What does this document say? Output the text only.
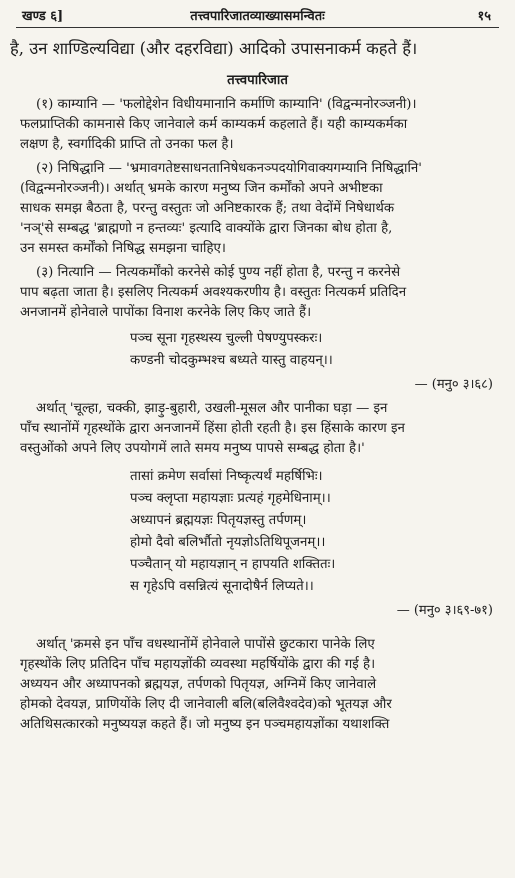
खण्ड ६]	तत्त्वपारिजातव्याख्यासमन्वितः	१५
है, उन शाण्डिल्यविद्या (और दहरविद्या) आदिको उपासनाकर्म कहते हैं।
तत्त्वपारिजात
(१) काम्यानि — 'फलोद्देशेन विधीयमानानि कर्माणि काम्यानि' (विद्वन्मनोरञ्जनी)।
फलप्राप्तिकी कामनासे किए जानेवाले कर्म काम्यकर्म कहलाते हैं। यही काम्यकर्मका
लक्षण है, स्वर्गादिकी प्राप्ति तो उनका फल है।
(२) निषिद्धानि — 'भ्रमावगतेष्टसाधनतानिषेधकनञ्पदयोगिवाक्यगम्यानि निषिद्धानि'
(विद्वन्मनोरञ्जनी)। अर्थात् भ्रमके कारण मनुष्य जिन कर्मोंको अपने अभीष्टका
साधक समझ बैठता है, परन्तु वस्तुतः जो अनिष्टकारक हैं; तथा वेदोंमें निषेधार्थक
'नञ्'से सम्बद्ध 'ब्राह्मणो न हन्तव्यः' इत्यादि वाक्योंके द्वारा जिनका बोध होता है,
उन समस्त कर्मोंको निषिद्ध समझना चाहिए।
(३) नित्यानि — नित्यकर्मोंको करनेसे कोई पुण्य नहीं होता है, परन्तु न करनेसे
पाप बढ़ता जाता है। इसलिए नित्यकर्म अवश्यकरणीय है। वस्तुतः नित्यकर्म प्रतिदिन
अनजानमें होनेवाले पापोंका विनाश करनेके लिए किए जाते हैं।
पञ्च सूना गृहस्थस्य चुल्ली पेषण्युपस्करः।
कण्डनी चोदकुम्भश्च बध्यते यास्तु वाहयन्।।
— (मनु० ३।६८)
अर्थात् 'चूल्हा, चक्की, झाड़ु-बुहारी, उखली-मूसल और पानीका घड़ा — इन
पाँच स्थानोंमें गृहस्थोंके द्वारा अनजानमें हिंसा होती रहती है। इस हिंसाके कारण इन
वस्तुओंको अपने लिए उपयोगमें लाते समय मनुष्य पापसे सम्बद्ध होता है।'
तासां क्रमेण सर्वासां निष्कृत्यर्थं महर्षिभिः।
पञ्च क्लृप्ता महायज्ञाः प्रत्यहं गृहमेधिनाम्।।
अध्यापनं ब्रह्मयज्ञः पितृयज्ञस्तु तर्पणम्।
होमो दैवो बलिर्भौतो नृयज्ञोऽतिथिपूजनम्।।
पञ्चैतान् यो महायज्ञान् न हापयति शक्तितः।
स गृहेऽपि वसन्नित्यं सूनादोषैर्न लिप्यते।।
— (मनु० ३।६९-७१)
अर्थात् 'क्रमसे इन पाँच वधस्थानोंमें होनेवाले पापोंसे छुटकारा पानेके लिए
गृहस्थोंके लिए प्रतिदिन पाँच महायज्ञोंकी व्यवस्था महर्षियोंके द्वारा की गई है।
अध्ययन और अध्यापनको ब्रह्मयज्ञ, तर्पणको पितृयज्ञ, अग्निमें किए जानेवाले
होमको देवयज्ञ, प्राणियोंके लिए दी जानेवाली बलि(बलिवैश्वदेव)को भूतयज्ञ और
अतिथिसत्कारको मनुष्ययज्ञ कहते हैं। जो मनुष्य इन पञ्चमहायज्ञोंका यथाशक्ति
